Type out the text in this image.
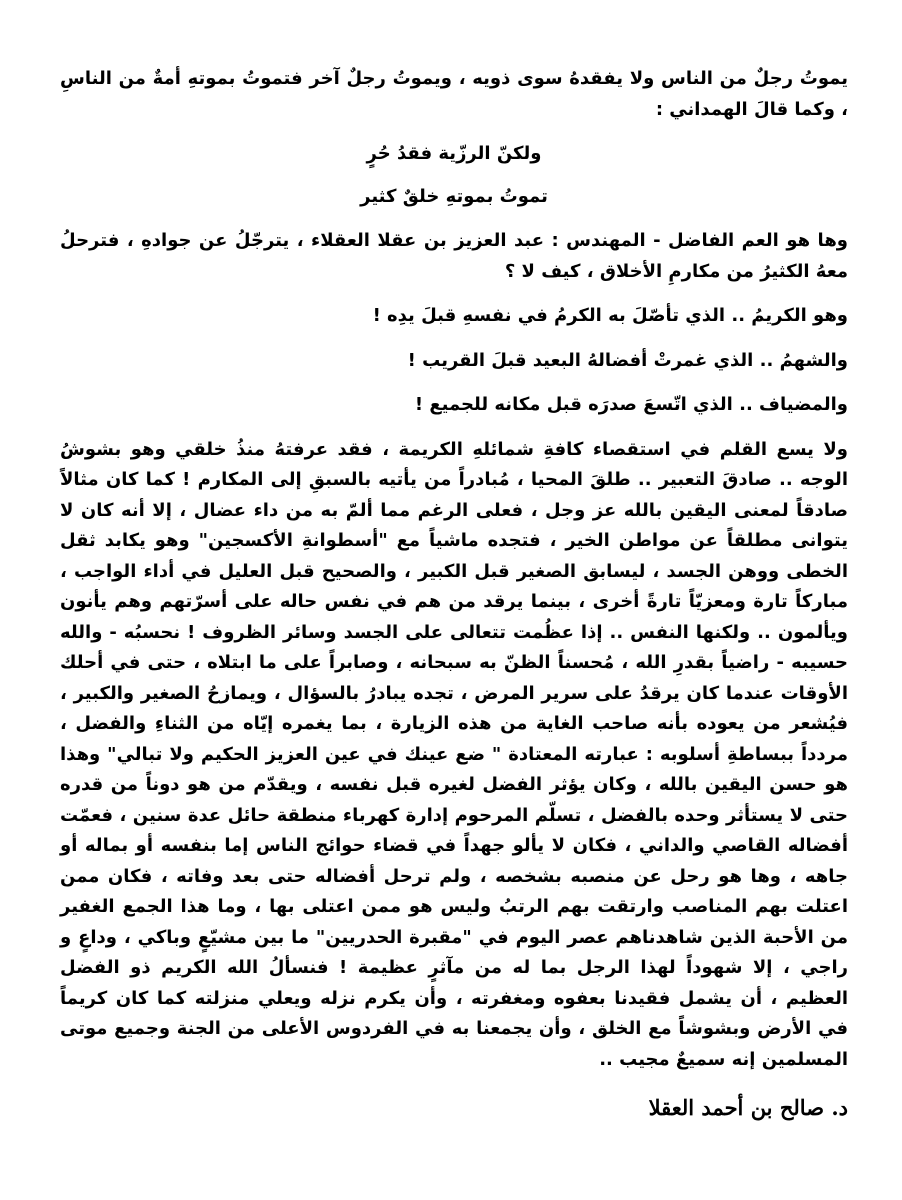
يموتُ رجلٌ من الناس ولا يفقدهُ سوى ذويه ، ويموتُ رجلٌ آخر فتموتُ بموتهِ أمةٌ من الناسِ ، وكما قالَ الهمداني :

ولكنّ الرزّية فقدُ حُرٍ

تموتُ بموتهِ خلقٌ كثير

وها هو العم الفاضل - المهندس : عبد العزيز بن عقلا العقلاء ، يترجّلُ عن جوادهِ ، فترحلُ معهُ الكثيرُ من مكارمِ الأخلاق ، كيف لا ؟

وهو الكريمُ .. الذي تأصّلَ به الكرمُ في نفسهِ قبلَ يدِه !

والشهمُ .. الذي غمرتْ أفضالهُ البعيد قبلَ القريب !

والمضياف .. الذي اتّسعَ صدرَه قبل مكانه للجميع !

ولا يسع القلم في استقصاء كافةِ شمائلهِ الكريمة ، فقد عرفتهُ منذُ خلقي وهو بشوشُ الوجه .. صادقَ التعبير .. طلقَ المحيا ، مُبادراً من يأتيه بالسبقِ إلى المكارم ! كما كان مثالاً صادقاً لمعنى اليقين بالله عز وجل ، فعلى الرغم مما ألمّ به من داء عضال ، إلا أنه كان لا يتوانى مطلقاً عن مواطن الخير ، فتجده ماشياً مع "أسطوانةِ الأكسجين" وهو يكابد ثقل الخطى ووهن الجسد ، ليسابق الصغير قبل الكبير ، والصحيح قبل العليل في أداء الواجب ، مباركاً تارة ومعزيّاً تارةً أخرى ، بينما يرقد من هم في نفس حاله على أسرّتهم وهم يأنون ويألمون .. ولكنها النفس .. إذا عظُمت تتعالى على الجسد وسائر الظروف ! نحسبُه - والله حسيبه - راضياً بقدرِ الله ، مُحسناً الظنّ به سبحانه ، وصابراً على ما ابتلاه ، حتى في أحلك الأوقات عندما كان يرقدُ على سرير المرض ، تجده يبادرُ بالسؤال ، ويمازحُ الصغير والكبير ، فيُشعر من يعوده بأنه صاحب الغاية من هذه الزيارة ، بما يغمره إيّاه من الثناءِ والفضل ، مردداً ببساطةِ أسلوبه : عبارته المعتادة " ضع عينك في عين العزيز الحكيم ولا تبالي" وهذا هو حسن اليقين بالله ، وكان يؤثر الفضل لغيره قبل نفسه ، ويقدّم من هو دوناً من قدره حتى لا يستأثر وحده بالفضل ، تسلّم المرحوم إدارة كهرباء منطقة حائل عدة سنين ، فعمّت أفضاله القاصي والداني ، فكان لا يألو جهداً في قضاء حوائج الناس إما بنفسه أو بماله أو جاهه ، وها هو رحل عن منصبه بشخصه ، ولم ترحل أفضاله حتى بعد وفاته ، فكان ممن اعتلت بهم المناصب وارتقت بهم الرتبُ وليس هو ممن اعتلى بها ، وما هذا الجمع الغفير من الأحبة الذين شاهدناهم عصر اليوم في "مقبرة الحدريين" ما بين مشيّعٍ وباكي ، وداعٍ و راجي ، إلا شهوداً لهذا الرجل بما له من مآثرٍ عظيمة ! فنسألُ الله الكريم ذو الفضل العظيم ، أن يشمل فقيدنا بعفوه ومغفرته ، وأن يكرم نزله ويعلي منزلته كما كان كريماً في الأرض وبشوشاً مع الخلق ، وأن يجمعنا به في الفردوس الأعلى من الجنة وجميع موتى المسلمين إنه سميعٌ مجيب ..

د. صالح بن أحمد العقلا
